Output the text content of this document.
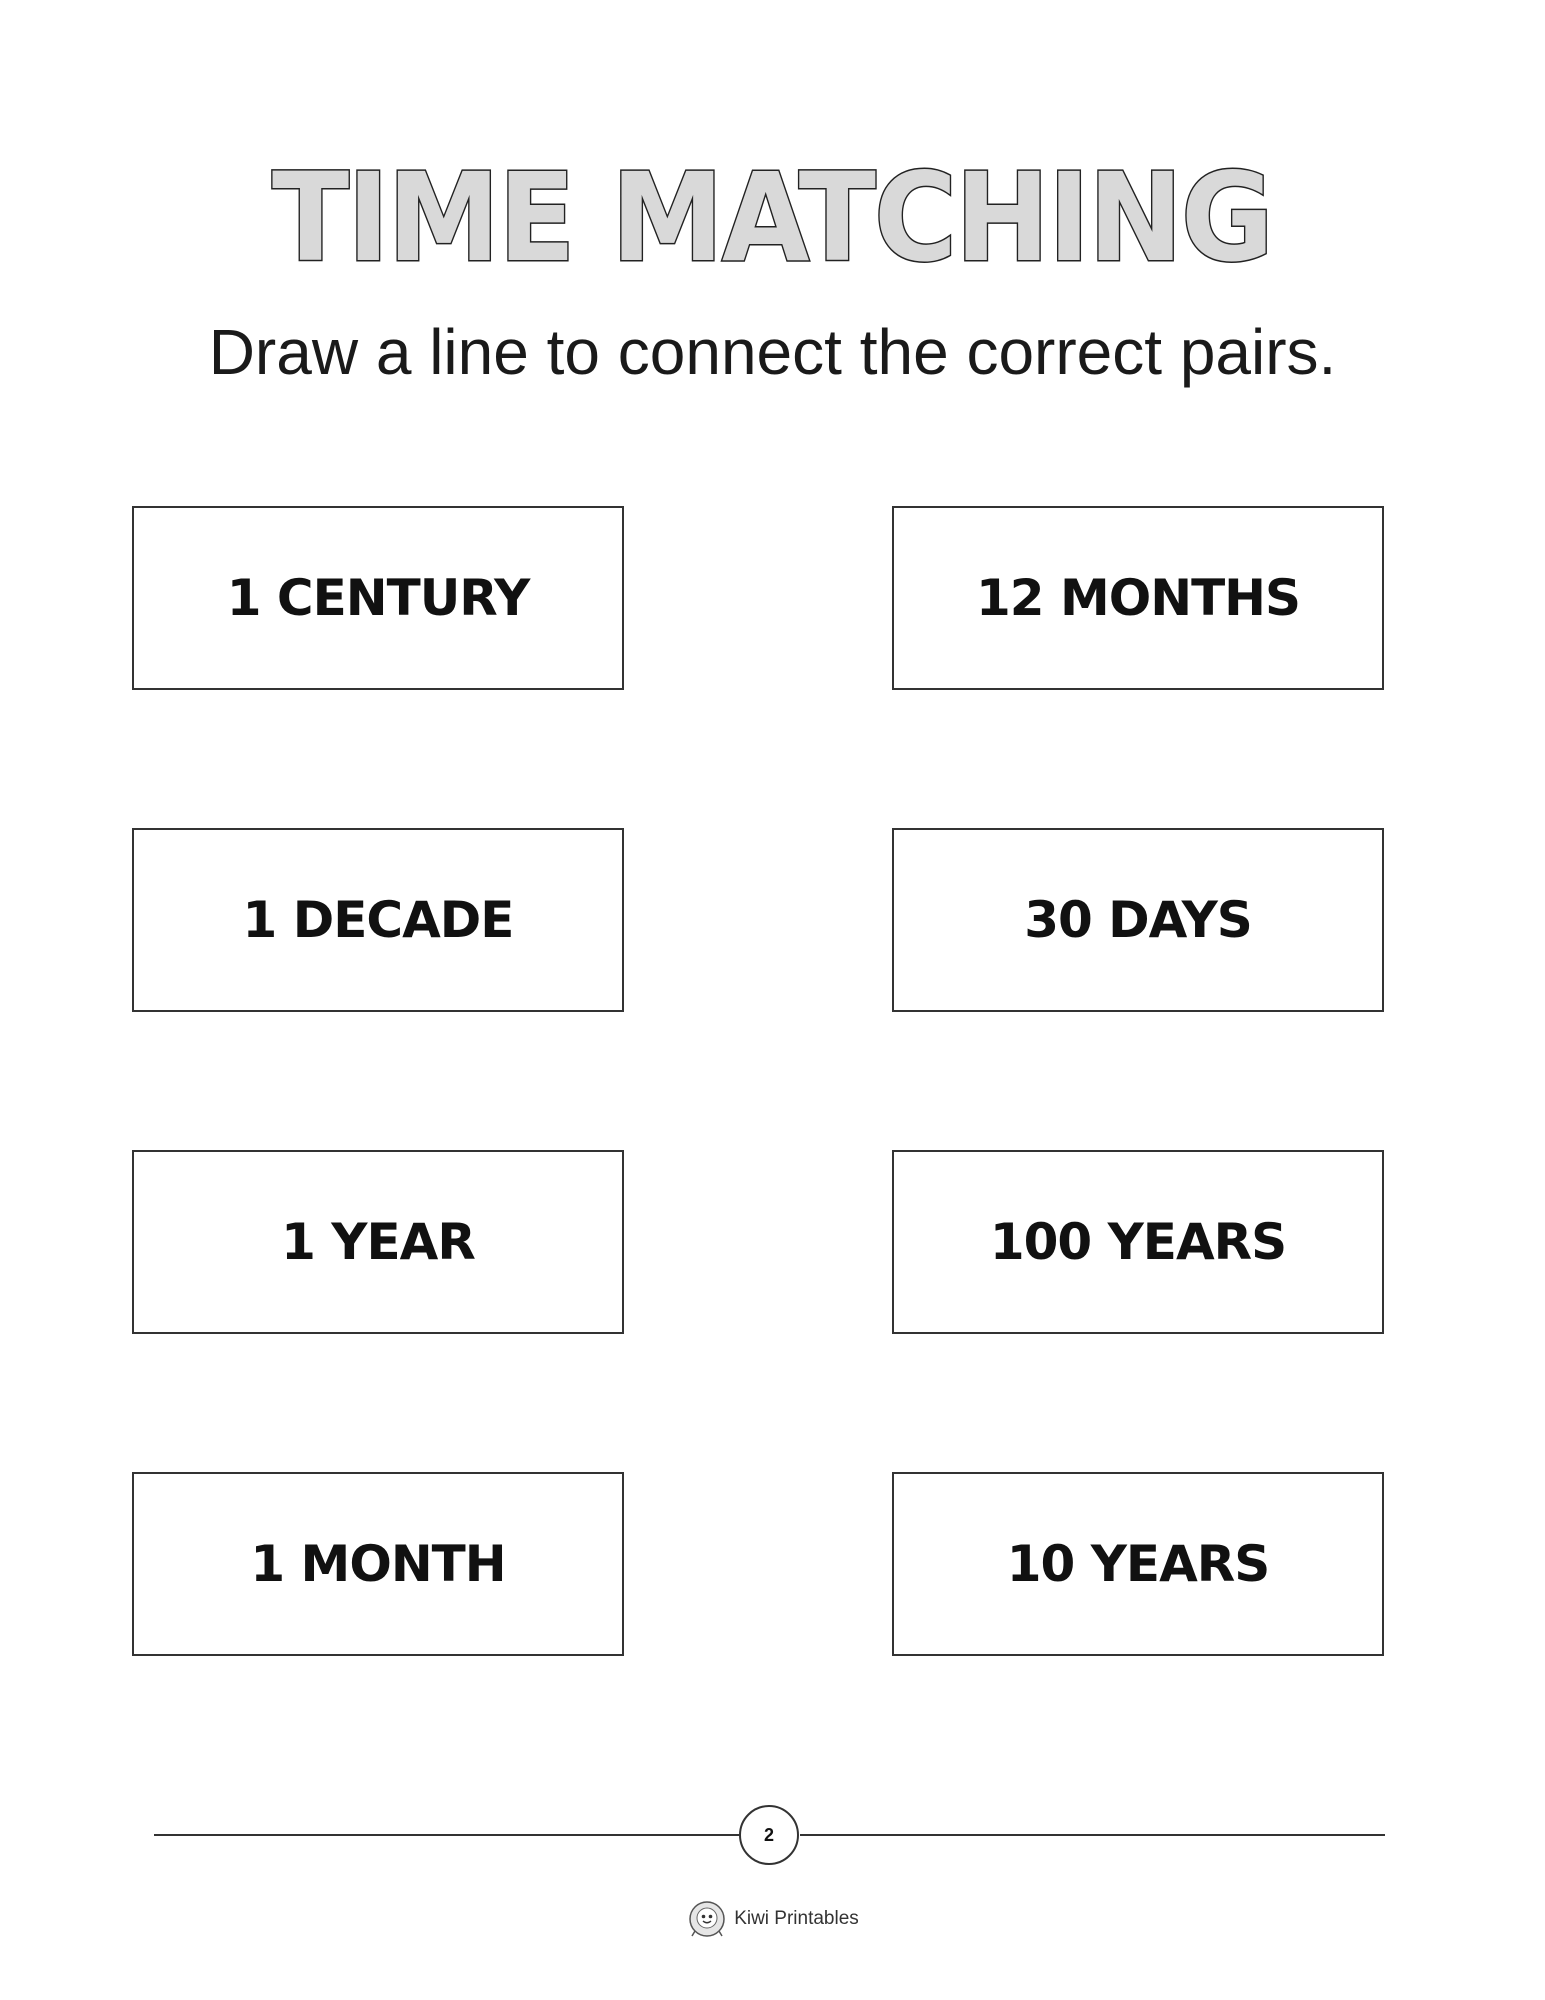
TIME MATCHING
Draw a line to connect the correct pairs.
1 CENTURY
1 DECADE
1 YEAR
1 MONTH
12 MONTHS
30 DAYS
100 YEARS
10 YEARS
2
Kiwi Printables
